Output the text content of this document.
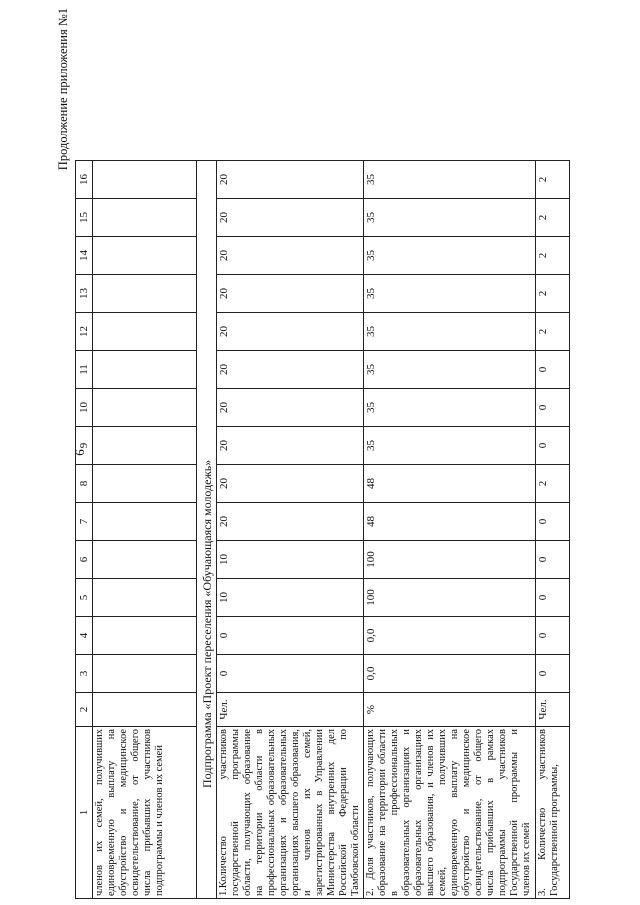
6
Продолжение приложения №1
1	2	3	4	5	6	7	8	9	10	11	12	13	14	15	16
членов их семей, получивших единовременную выплату на обустройство и медицинское освидетельствование, от общего числа прибывших участников подпрограммы и членов их семей															
Подпрограмма «Проект переселения «Обучающаяся молодежь»															
1.Количество участников государственной программы области, получающих образование на территории области в профессиональных образовательных организациях и образовательных организациях высшего образования, и членов их семей, зарегистрированных в Управлении Министерства внутренних дел Российской Федерации по Тамбовской области	Чел.	0	0	10	10	20	20	20	20	20	20	20	20	20	20
2. Доля участников, получающих образование на территории области в профессиональных образовательных организациях и образовательных организациях высшего образования, и членов их семей, получивших единовременную выплату на обустройство и медицинское освидетельствование, от общего числа прибывших в рамках подпрограммы участников Государственной программы и членов их семей	%	0,0	0,0	100	100	48	48	35	35	35	35	35	35	35	35
3. Количество участников Государственной программы,	Чел.	0	0	0	0	0	2	0	0	0	2	2	2	2	2
